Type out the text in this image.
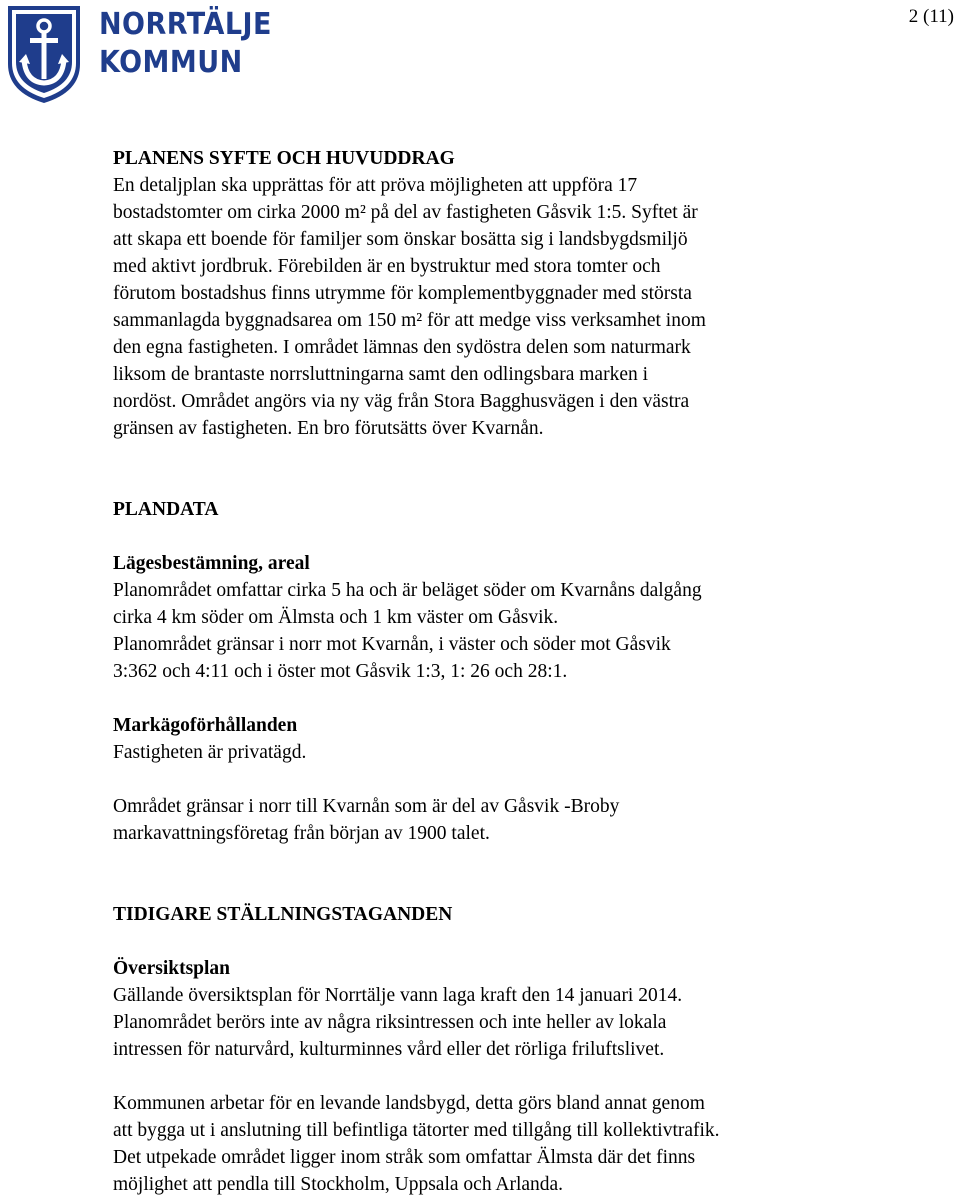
NORRTÄLJE
KOMMUN
2 (11)

PLANENS SYFTE OCH HUVUDDRAG

En detaljplan ska upprättas för att pröva möjligheten att uppföra 17

bostadstomter om cirka 2000 m² på del av fastigheten Gåsvik 1:5. Syftet är

att skapa ett boende för familjer som önskar bosätta sig i landsbygdsmiljö

med aktivt jordbruk. Förebilden är en bystruktur med stora tomter och

förutom bostadshus finns utrymme för komplementbyggnader med största

sammanlagda byggnadsarea om 150 m² för att medge viss verksamhet inom

den egna fastigheten. I området lämnas den sydöstra delen som naturmark

liksom de brantaste norrsluttningarna samt den odlingsbara marken i

nordöst. Området angörs via ny väg från Stora Bagghusvägen i den västra

gränsen av fastigheten. En bro förutsätts över Kvarnån.

PLANDATA

Lägesbestämning, areal

Planområdet omfattar cirka 5 ha och är beläget söder om Kvarnåns dalgång

cirka 4 km söder om Älmsta och 1 km väster om Gåsvik.

Planområdet gränsar i norr mot Kvarnån, i väster och söder mot Gåsvik

3:362 och 4:11 och i öster mot Gåsvik 1:3, 1: 26 och 28:1.

Markägoförhållanden

Fastigheten är privatägd.

Området gränsar i norr till Kvarnån som är del av Gåsvik -Broby

markavattningsföretag från början av 1900 talet.

TIDIGARE STÄLLNINGSTAGANDEN

Översiktsplan

Gällande översiktsplan för Norrtälje vann laga kraft den 14 januari 2014.

Planområdet berörs inte av några riksintressen och inte heller av lokala

intressen för naturvård, kulturminnes vård eller det rörliga friluftslivet.

Kommunen arbetar för en levande landsbygd, detta görs bland annat genom

att bygga ut i anslutning till befintliga tätorter med tillgång till kollektivtrafik.

Det utpekade området ligger inom stråk som omfattar Älmsta där det finns

möjlighet att pendla till Stockholm, Uppsala och Arlanda.
